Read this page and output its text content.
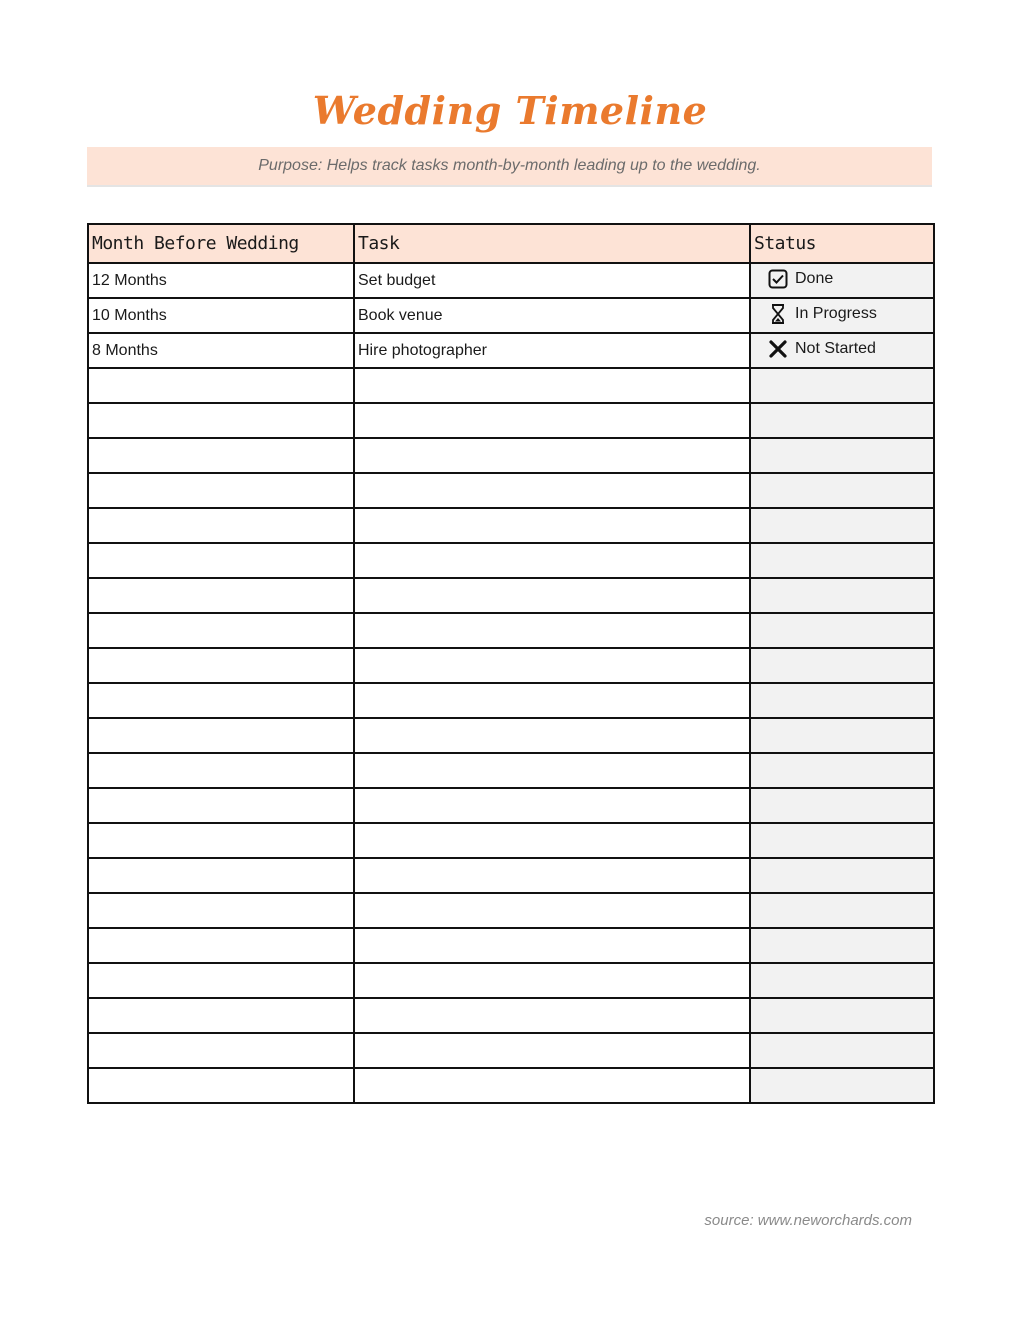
Wedding Timeline
Purpose: Helps track tasks month-by-month leading up to the wedding.
Month Before Wedding	Task	Status
12 Months	Set budget	Done

10 Months	Book venue	In Progress

8 Months	Hire photographer	Not Started

source: www.neworchards.com
